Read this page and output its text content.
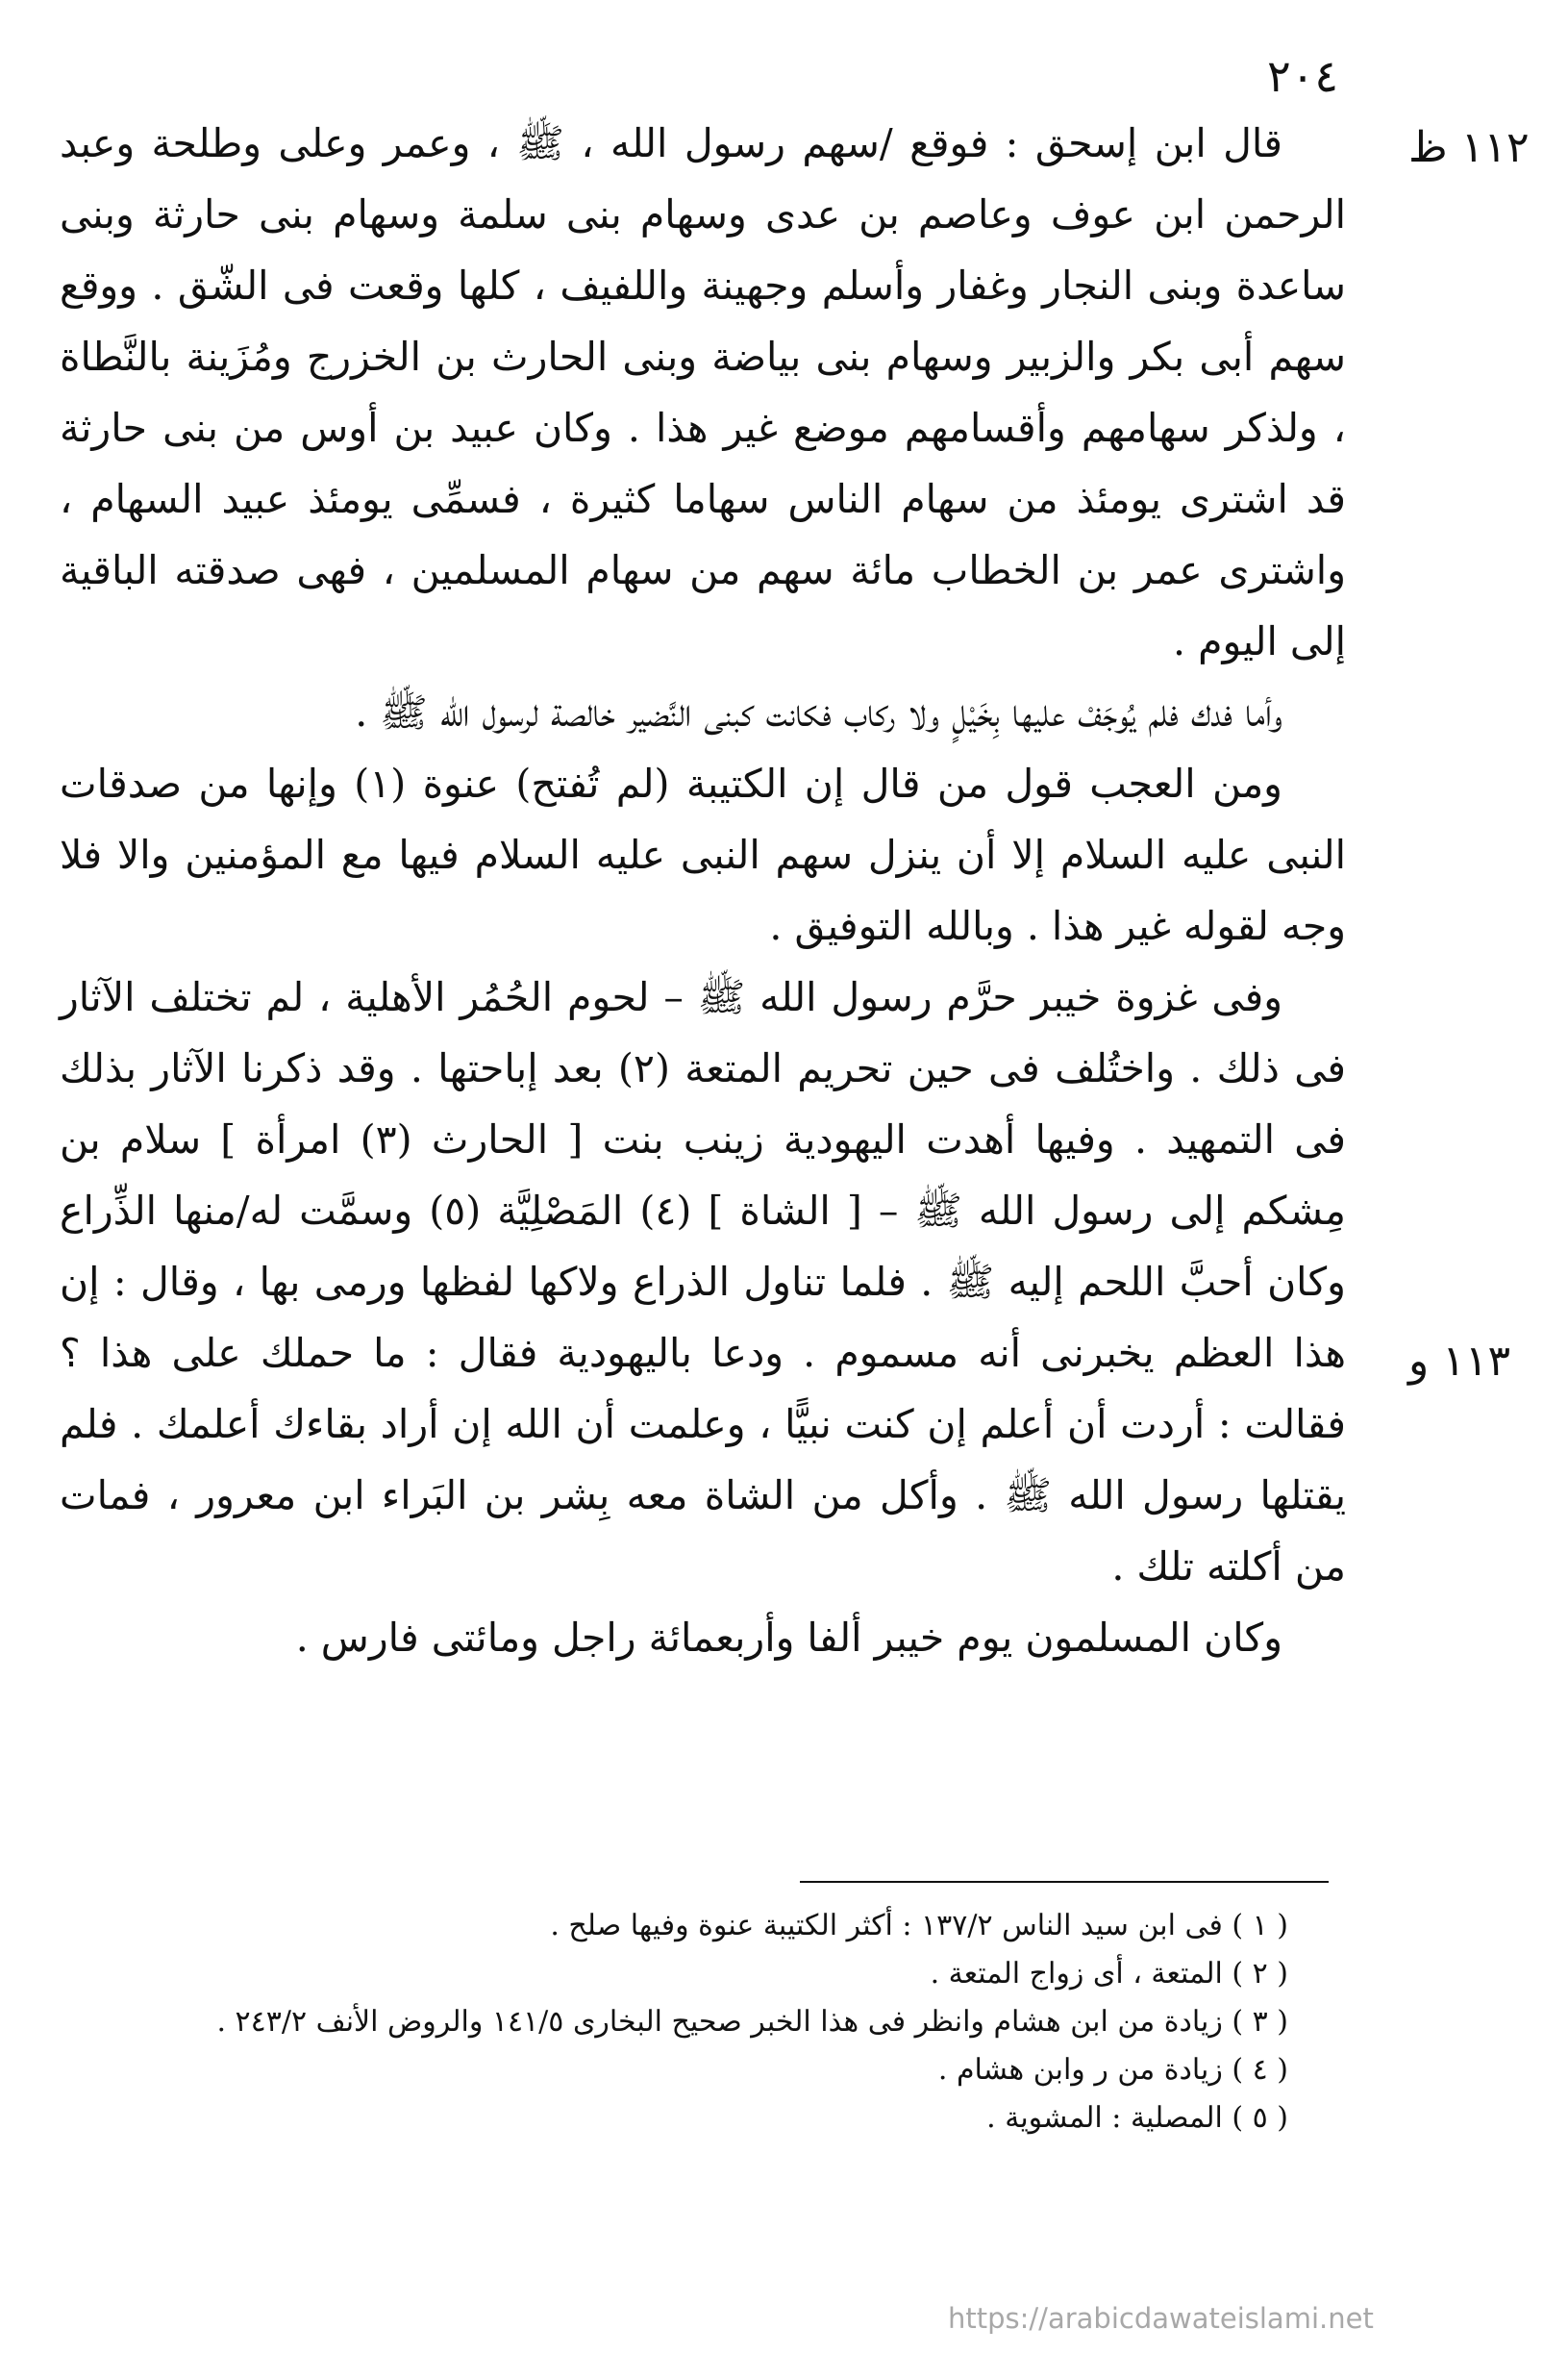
٢٠٤
١١٢ ظ
١١٣ و

قال ابن إسحق : فوقع /سهم رسول الله ، ﷺ ، وعمر وعلى وطلحة وعبد الرحمن ابن عوف وعاصم بن عدى وسهام بنى سلمة وسهام بنى حارثة وبنى ساعدة وبنى النجار وغفار وأسلم وجهينة واللفيف ، كلها وقعت فى الشّق . ووقع سهم أبى بكر والزبير وسهام بنى بياضة وبنى الحارث بن الخزرج ومُزَينة بالنَّطاة ، ولذكر سهامهم وأقسامهم موضع غير هذا . وكان عبيد بن أوس من بنى حارثة قد اشترى يومئذ من سهام الناس سهاما كثيرة ، فسمِّى يومئذ عبيد السهام ، واشترى عمر بن الخطاب مائة سهم من سهام المسلمين ، فهى صدقته الباقية إلى اليوم .

وأما فدك فلم يُوجَفْ عليها بِخَيْلٍ ولا ركاب فكانت كبنى النَّضير خالصة لرسول الله ﷺ .

ومن العجب قول من قال إن الكتيبة (لم تُفتح) عنوة (١) وإنها من صدقات النبى عليه السلام إلا أن ينزل سهم النبى عليه السلام فيها مع المؤمنين والا فلا وجه لقوله غير هذا . وبالله التوفيق .

وفى غزوة خيبر حرَّم رسول الله ﷺ – لحوم الحُمُر الأهلية ، لم تختلف الآثار فى ذلك . واختُلف فى حين تحريم المتعة (٢) بعد إباحتها . وقد ذكرنا الآثار بذلك فى التمهيد . وفيها أهدت اليهودية زينب بنت [ الحارث (٣) امرأة ] سلام بن مِشكم إلى رسول الله ﷺ – [ الشاة ] (٤) المَصْلِيَّة (٥) وسمَّت له/منها الذِّراع وكان أحبَّ اللحم إليه ﷺ . فلما تناول الذراع ولاكها لفظها ورمى بها ، وقال : إن هذا العظم يخبرنى أنه مسموم . ودعا باليهودية فقال : ما حملك على هذا ؟ فقالت : أردت أن أعلم إن كنت نبيًّا ، وعلمت أن الله إن أراد بقاءك أعلمك . فلم يقتلها رسول الله ﷺ . وأكل من الشاة معه بِشر بن البَراء ابن معرور ، فمات من أكلته تلك .

وكان المسلمون يوم خيبر ألفا وأربعمائة راجل ومائتى فارس .

( ١ ) فى ابن سيد الناس ١٣٧/٢ : أكثر الكتيبة عنوة وفيها صلح .

( ٢ ) المتعة ، أى زواج المتعة .

( ٣ ) زيادة من ابن هشام وانظر فى هذا الخبر صحيح البخارى ١٤١/٥ والروض الأنف ٢٤٣/٢ .

( ٤ ) زيادة من ر وابن هشام .

( ٥ ) المصلية : المشوية .

https://arabicdawateislami.net
